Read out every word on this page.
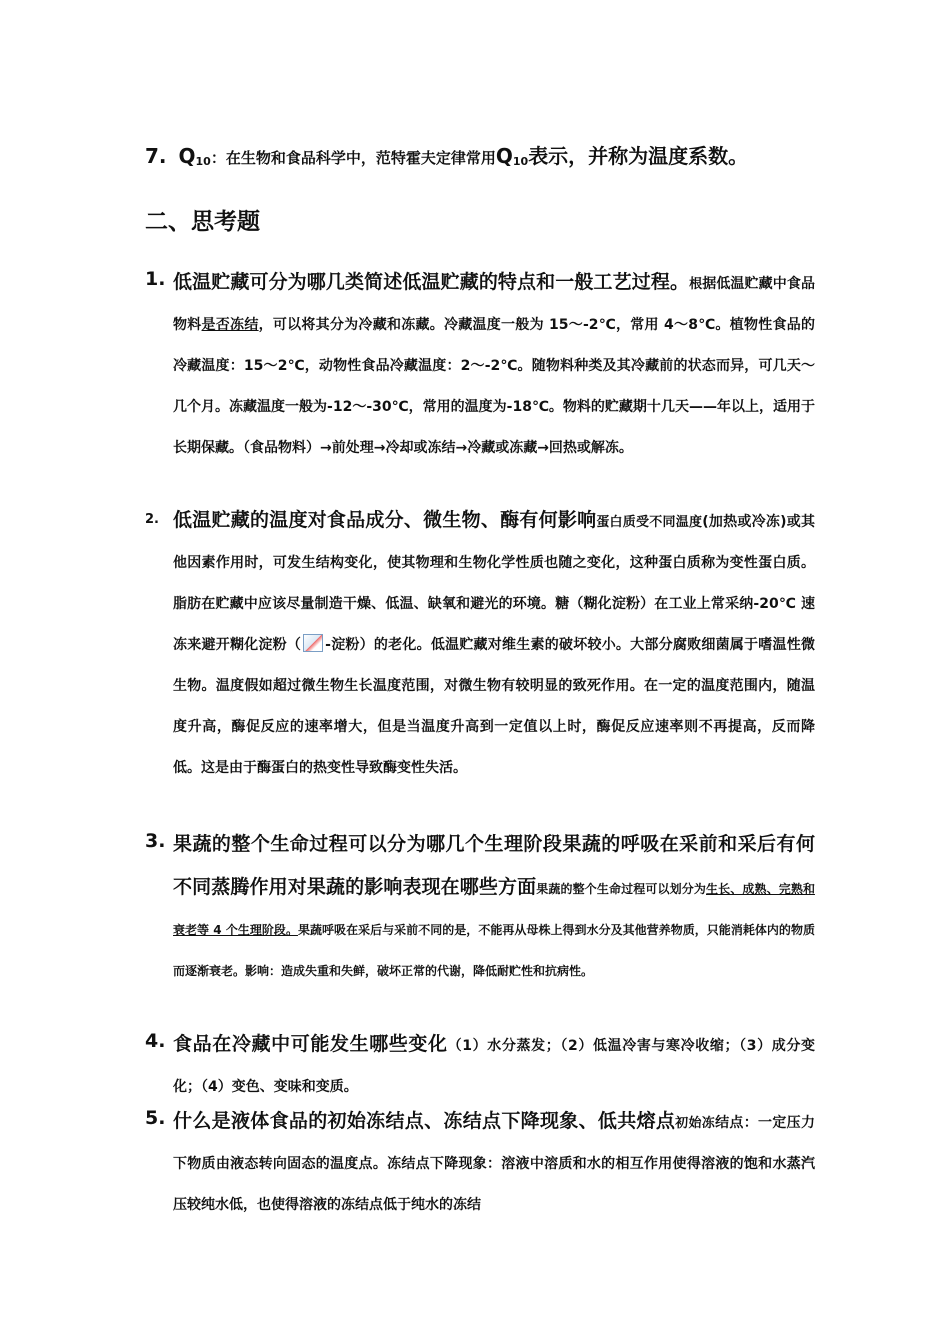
7. Q10：在生物和食品科学中，范特霍夫定律常用Q10表示，并称为温度系数。
二、思考题
1. 低温贮藏可分为哪几类简述低温贮藏的特点和一般工艺过程。根据低温贮藏中食品物料是否冻结，可以将其分为冷藏和冻藏。冷藏温度一般为 15～-2℃，常用 4～8℃。植物性食品的冷藏温度：15～2℃，动物性食品冷藏温度：2～-2℃。随物料种类及其冷藏前的状态而异，可几天～几个月。冻藏温度一般为-12～-30℃，常用的温度为-18℃。物料的贮藏期十几天——年以上，适用于长期保藏。（食品物料）→前处理→冷却或冻结→冷藏或冻藏→回热或解冻。
2. 低温贮藏的温度对食品成分、微生物、酶有何影响蛋白质受不同温度(加热或冷冻)或其他因素作用时，可发生结构变化，使其物理和生物化学性质也随之变化，这种蛋白质称为变性蛋白质。脂肪在贮藏中应该尽量制造干燥、低温、缺氧和避光的环境。糖（糊化淀粉）在工业上常采纳-20℃ 速冻来避开糊化淀粉（ -淀粉）的老化。低温贮藏对维生素的破坏较小。大部分腐败细菌属于嗜温性微生物。温度假如超过微生物生长温度范围，对微生物有较明显的致死作用。在一定的温度范围内，随温度升高，酶促反应的速率增大，但是当温度升高到一定值以上时，酶促反应速率则不再提高，反而降低。这是由于酶蛋白的热变性导致酶变性失活。
3. 果蔬的整个生命过程可以分为哪几个生理阶段果蔬的呼吸在采前和采后有何不同蒸腾作用对果蔬的影响表现在哪些方面果蔬的整个生命过程可以划分为生长、成熟、完熟和衰老等 4 个生理阶段。果蔬呼吸在采后与采前不同的是，不能再从母株上得到水分及其他营养物质，只能消耗体内的物质而逐渐衰老。影响：造成失重和失鲜，破坏正常的代谢，降低耐贮性和抗病性。
4. 食品在冷藏中可能发生哪些变化（1）水分蒸发；（2）低温冷害与寒冷收缩；（3）成分变化；（4）变色、变味和变质。
5. 什么是液体食品的初始冻结点、冻结点下降现象、低共熔点初始冻结点：一定压力下物质由液态转向固态的温度点。冻结点下降现象：溶液中溶质和水的相互作用使得溶液的饱和水蒸汽压较纯水低，也使得溶液的冻结点低于纯水的冻结
